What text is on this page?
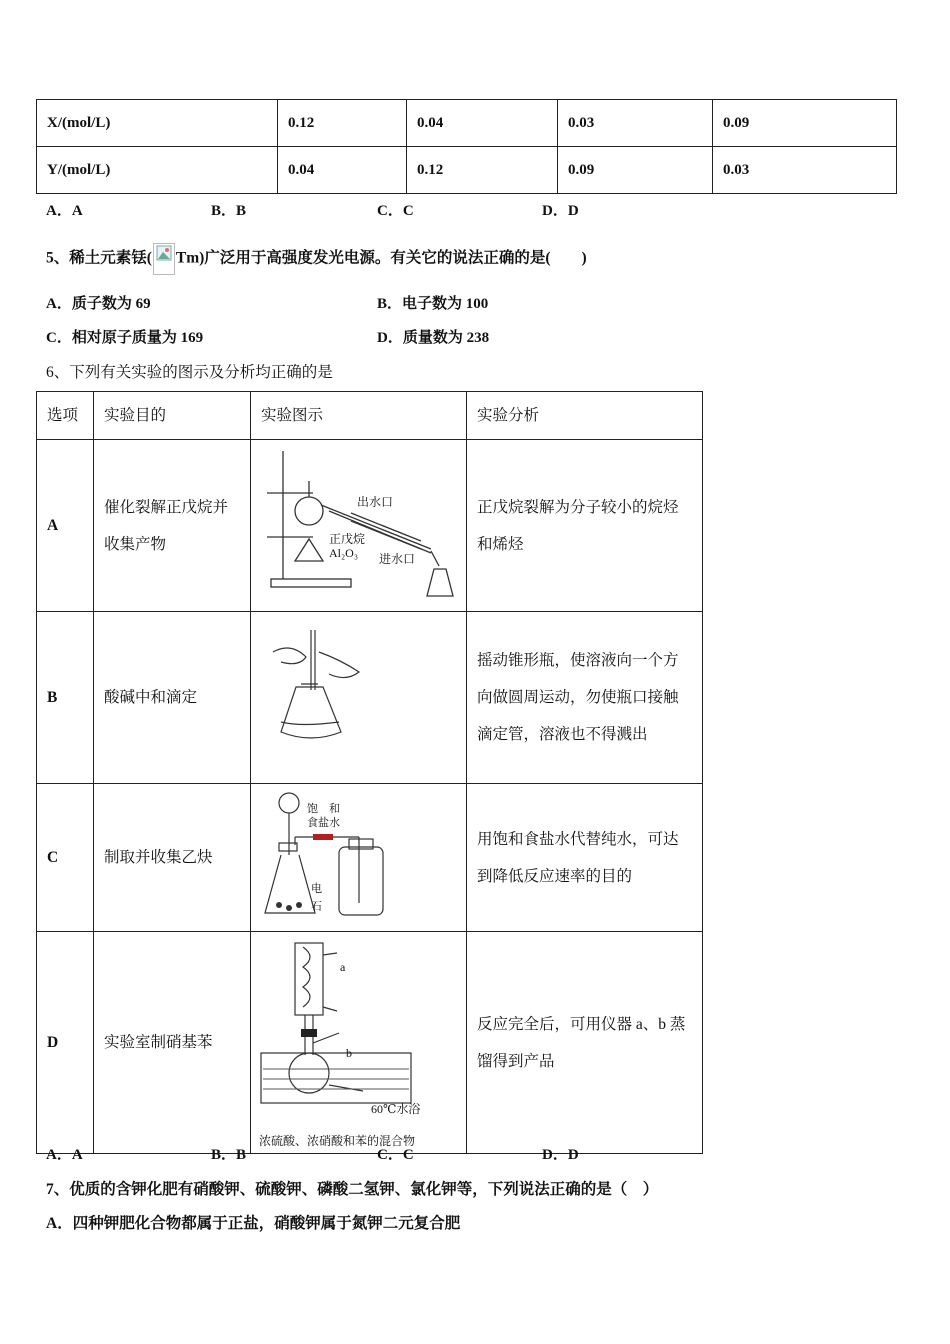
X/(mol/L)	0.12	0.04	0.03	0.09
Y/(mol/L)	0.04	0.12	0.09	0.03
A．A	B．B	C．C	D．D
5、稀土元素铥( Tm)广泛用于高强度发光电源。有关它的说法正确的是(　　)
A．质子数为 69	B．电子数为 100
C．相对原子质量为 169	D．质量数为 238
6、下列有关实验的图示及分析均正确的是
选项	实验目的	实验图示	实验分析
A	催化裂解正戊烷并收集产物	出水口
正戊烷
Al₂O₃ 进水口	正戊烷裂解为分子较小的烷烃和烯烃
B	酸碱中和滴定		摇动锥形瓶，使溶液向一个方向做圆周运动，勿使瓶口接触滴定管，溶液也不得溅出
C	制取并收集乙炔	饱　和
食盐水
电
石	用饱和食盐水代替纯水，可达到降低反应速率的目的
D	实验室制硝基苯	a
b
60℃水浴
浓硫酸、浓硝酸和苯的混合物	反应完全后，可用仪器 a、b 蒸馏得到产品
A．A	B．B	C．C	D．D
7、优质的含钾化肥有硝酸钾、硫酸钾、磷酸二氢钾、氯化钾等，下列说法正确的是（　）
A．四种钾肥化合物都属于正盐，硝酸钾属于氮钾二元复合肥
